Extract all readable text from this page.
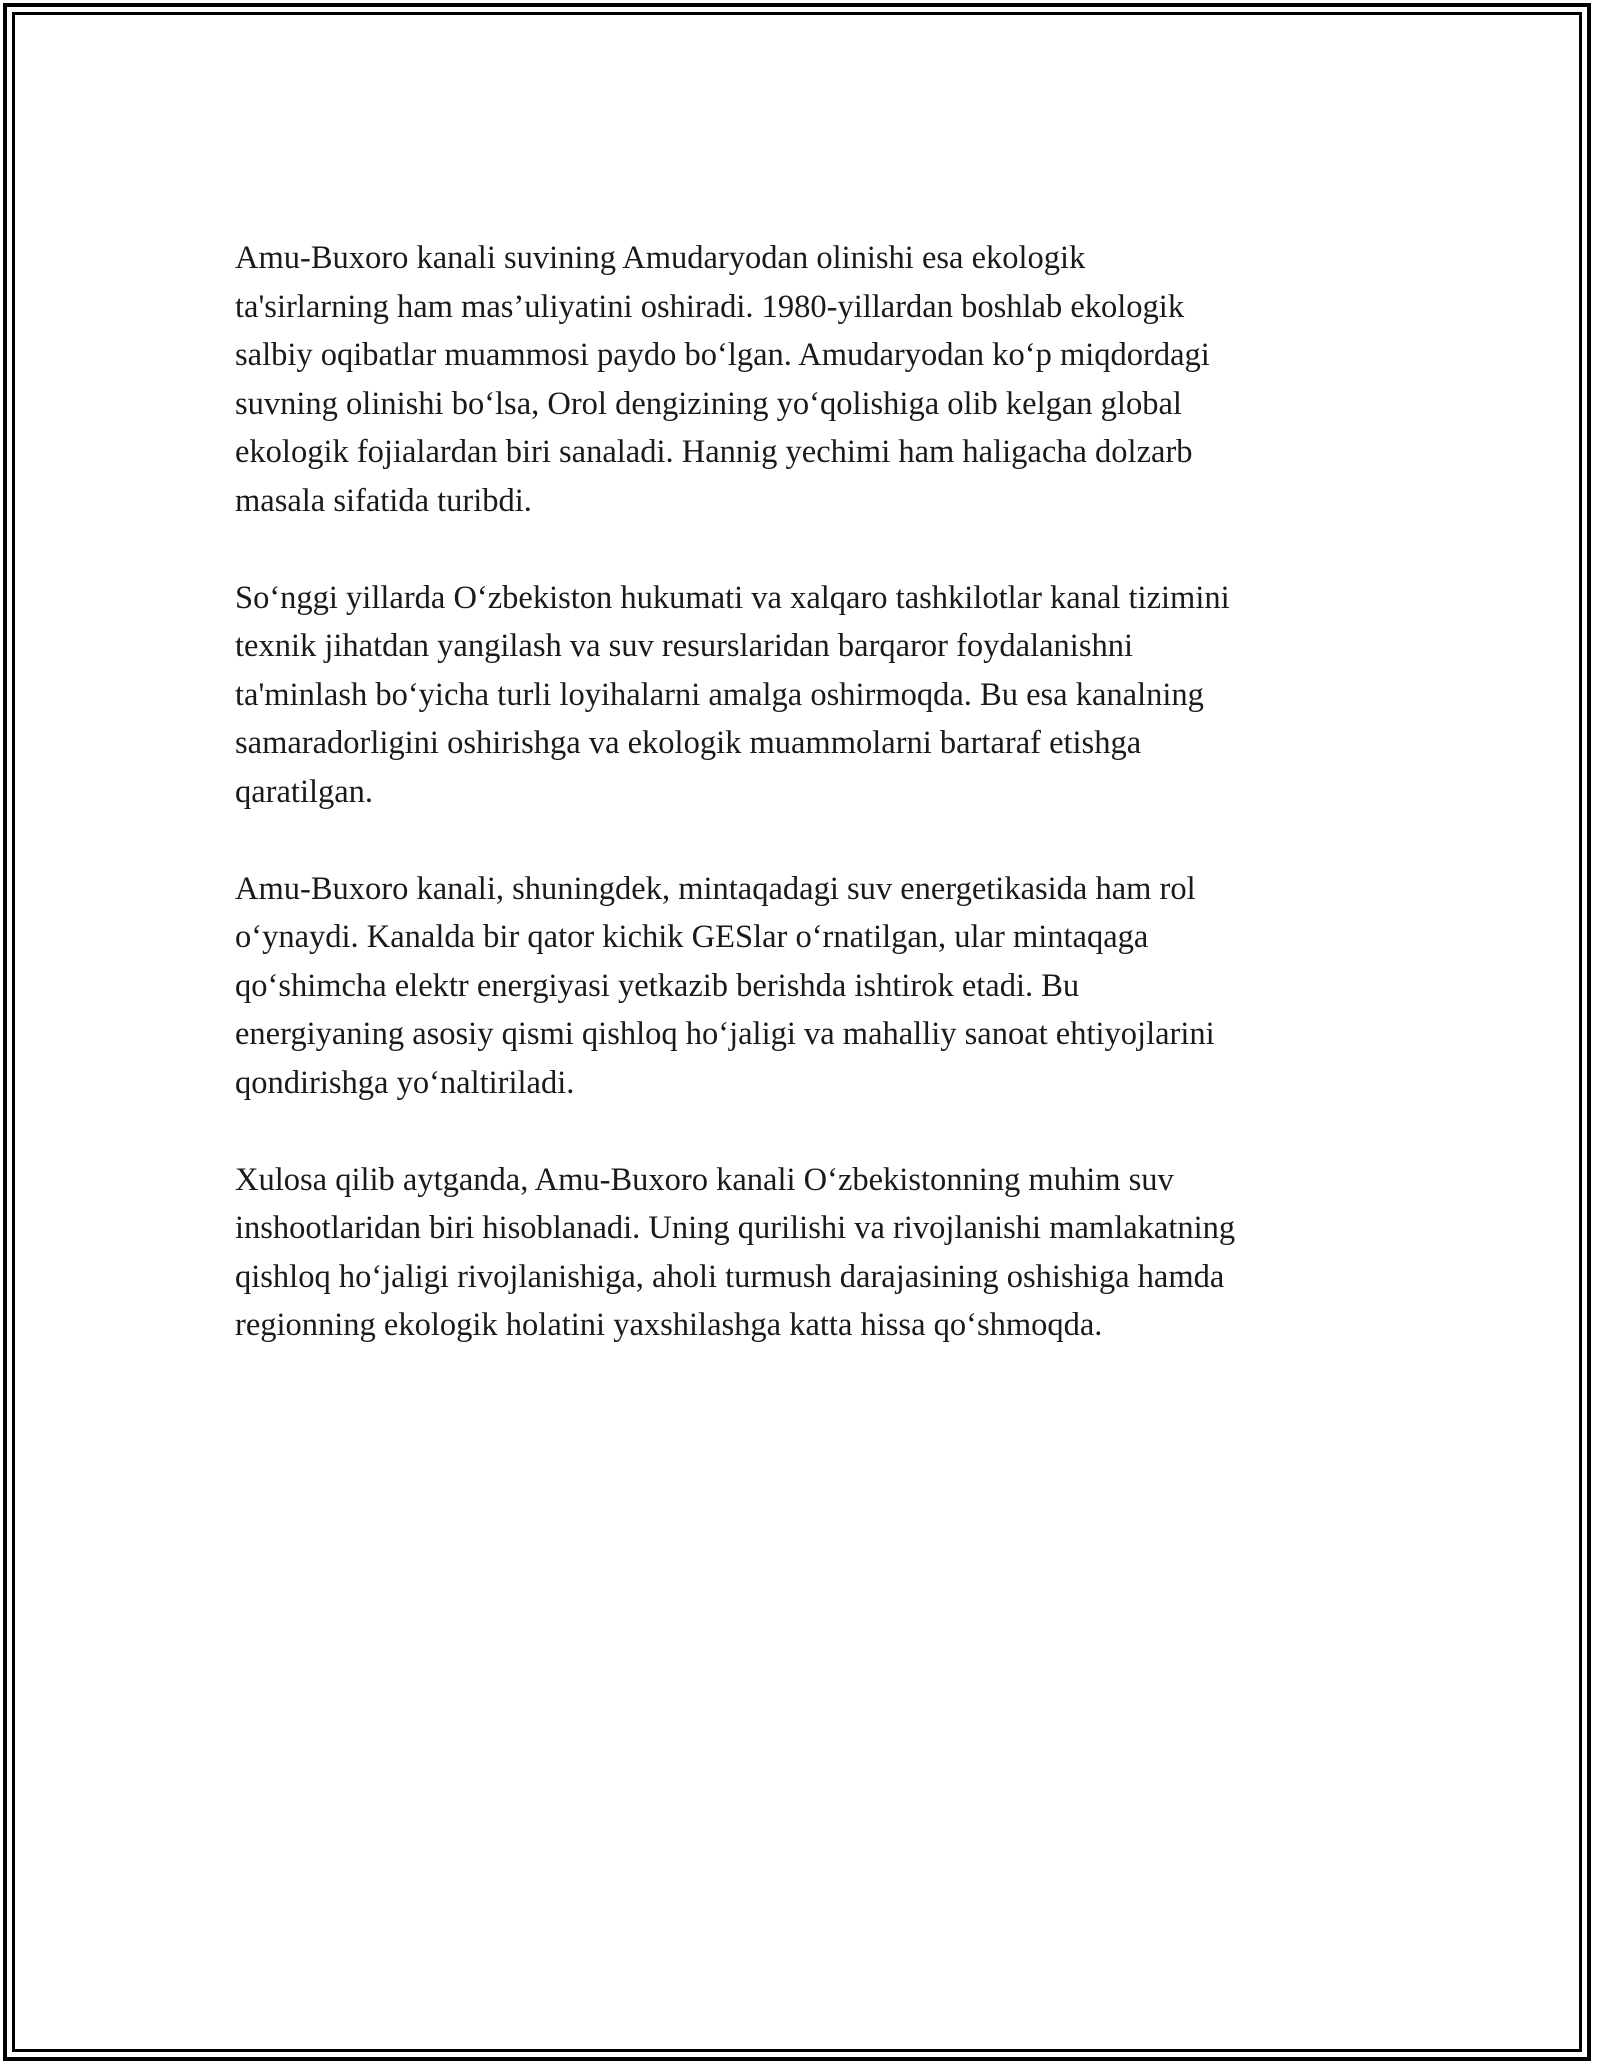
Amu-Buxoro kanali suvining Amudaryodan olinishi esa ekologik
ta'sirlarning ham mas’uliyatini oshiradi. 1980-yillardan boshlab ekologik
salbiy oqibatlar muammosi paydo bo‘lgan. Amudaryodan ko‘p miqdordagi
suvning olinishi bo‘lsa, Orol dengizining yo‘qolishiga olib kelgan global
ekologik fojialardan biri sanaladi. Hannig yechimi ham haligacha dolzarb
masala sifatida turibdi.

So‘nggi yillarda O‘zbekiston hukumati va xalqaro tashkilotlar kanal tizimini
texnik jihatdan yangilash va suv resurslaridan barqaror foydalanishni
ta'minlash bo‘yicha turli loyihalarni amalga oshirmoqda. Bu esa kanalning
samaradorligini oshirishga va ekologik muammolarni bartaraf etishga
qaratilgan.

Amu-Buxoro kanali, shuningdek, mintaqadagi suv energetikasida ham rol
o‘ynaydi. Kanalda bir qator kichik GESlar o‘rnatilgan, ular mintaqaga
qo‘shimcha elektr energiyasi yetkazib berishda ishtirok etadi. Bu
energiyaning asosiy qismi qishloq ho‘jaligi va mahalliy sanoat ehtiyojlarini
qondirishga yo‘naltiriladi.

Xulosa qilib aytganda, Amu-Buxoro kanali O‘zbekistonning muhim suv
inshootlaridan biri hisoblanadi. Uning qurilishi va rivojlanishi mamlakatning
qishloq ho‘jaligi rivojlanishiga, aholi turmush darajasining oshishiga hamda
regionning ekologik holatini yaxshilashga katta hissa qo‘shmoqda.
